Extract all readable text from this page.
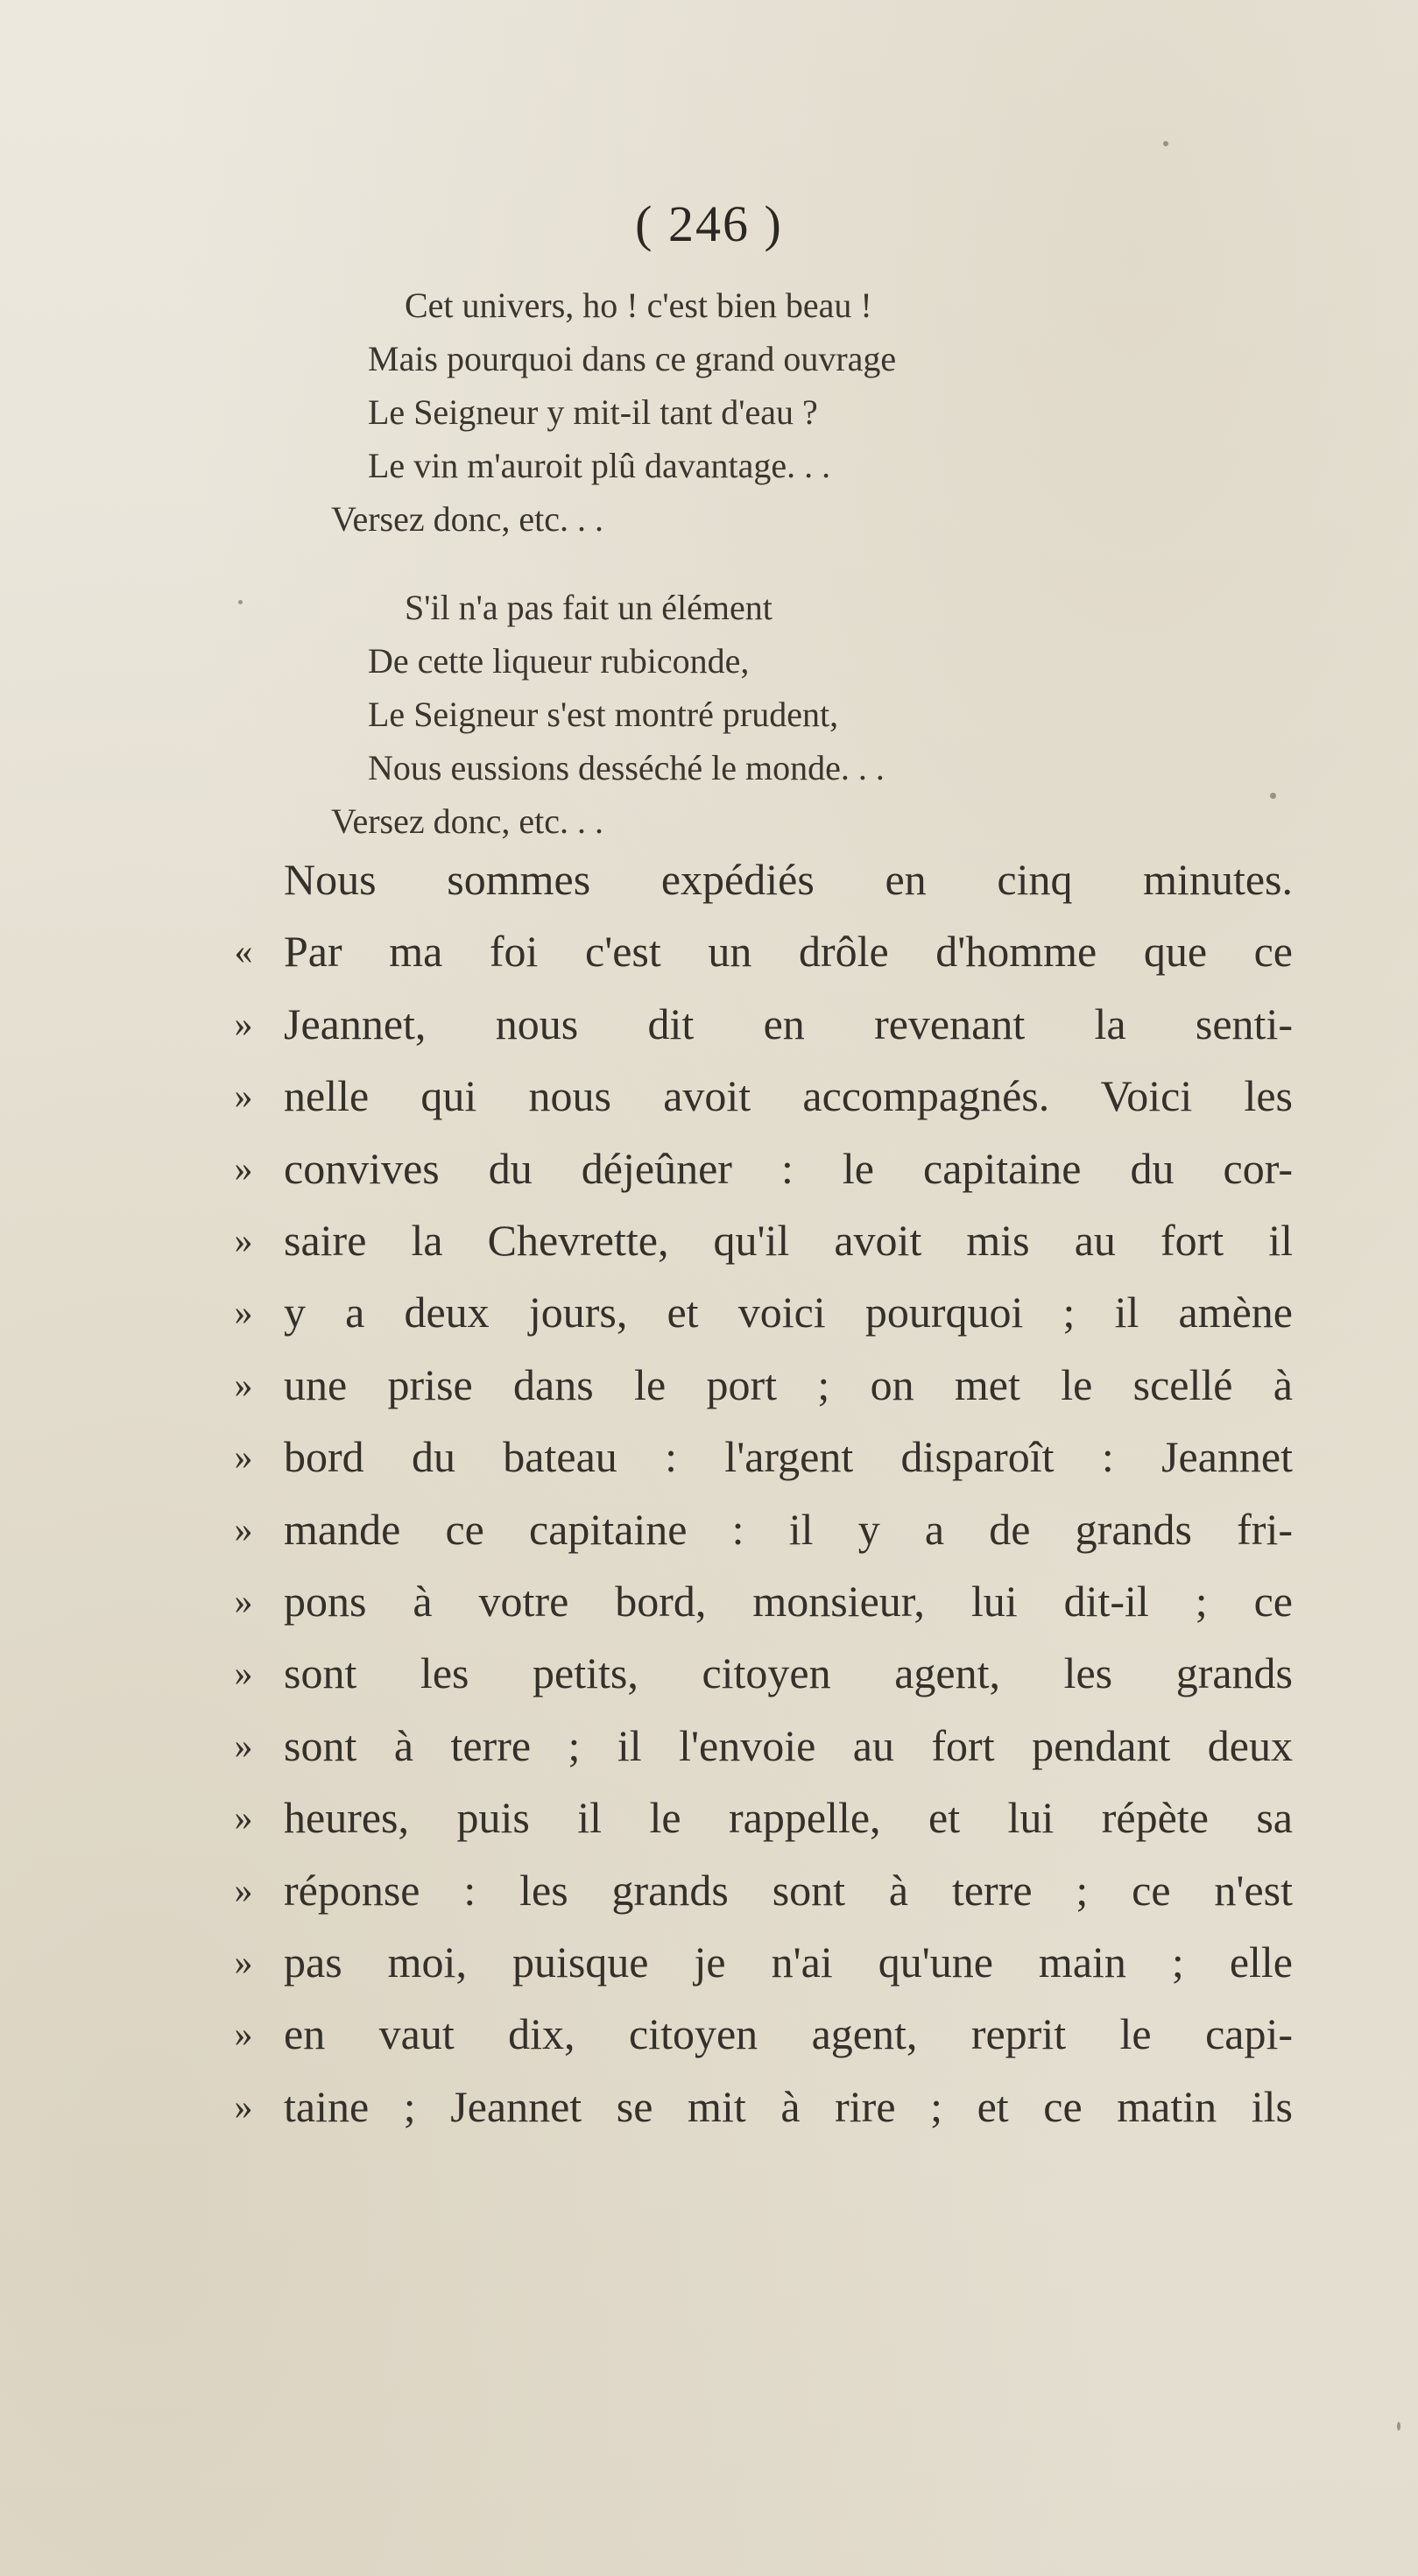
( 246 )
Cet univers, ho ! c'est bien beau !
Mais pourquoi dans ce grand ouvrage
Le Seigneur y mit-il tant d'eau ?
Le vin m'auroit plû davantage. . .
Versez donc, etc. . .
S'il n'a pas fait un élément
De cette liqueur rubiconde,
Le Seigneur s'est montré prudent,
Nous eussions desséché le monde. . .
Versez donc, etc. . .
Nous sommes expédiés en cinq minutes.
« Par ma foi c'est un drôle d'homme que ce
» Jeannet, nous dit en revenant la senti-
» nelle qui nous avoit accompagnés. Voici les
» convives du déjeûner : le capitaine du cor-
» saire la Chevrette, qu'il avoit mis au fort il
» y a deux jours, et voici pourquoi ; il amène
» une prise dans le port ; on met le scellé à
» bord du bateau : l'argent disparoît : Jeannet
» mande ce capitaine : il y a de grands fri-
» pons à votre bord, monsieur, lui dit-il ; ce
» sont les petits, citoyen agent, les grands
» sont à terre ; il l'envoie au fort pendant deux
» heures, puis il le rappelle, et lui répète sa
» réponse : les grands sont à terre ; ce n'est
» pas moi, puisque je n'ai qu'une main ; elle
» en vaut dix, citoyen agent, reprit le capi-
» taine ; Jeannet se mit à rire ; et ce matin ils
